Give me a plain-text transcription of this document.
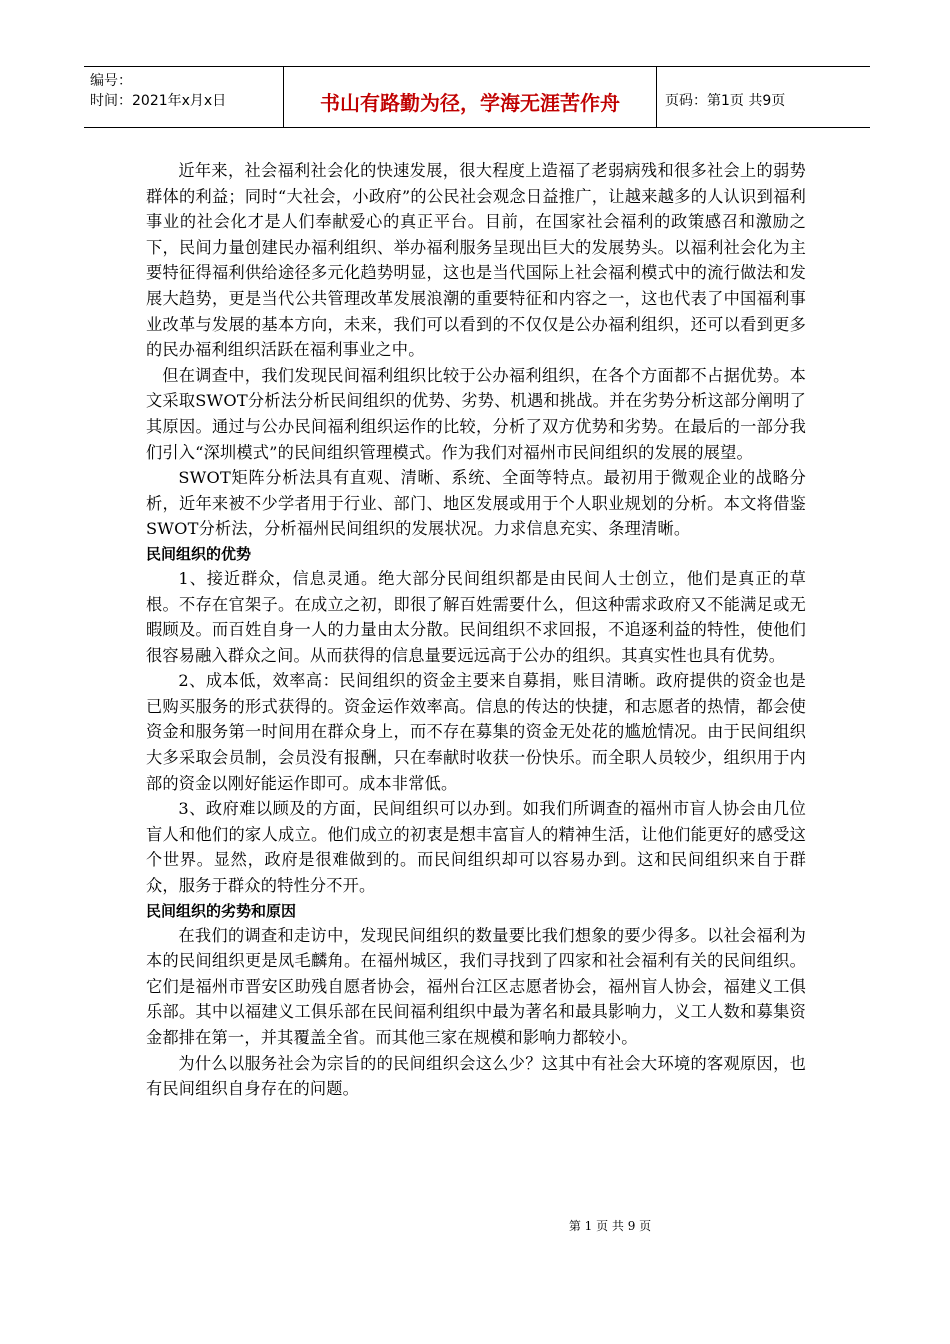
编号：
时间：2021年x月x日	书山有路勤为径，学海无涯苦作舟	页码：第1页 共9页

近年来，社会福利社会化的快速发展，很大程度上造福了老弱病残和很多社会上的弱势群体的利益；同时“大社会，小政府”的公民社会观念日益推广，让越来越多的人认识到福利事业的社会化才是人们奉献爱心的真正平台。目前，在国家社会福利的政策感召和激励之下，民间力量创建民办福利组织、举办福利服务呈现出巨大的发展势头。以福利社会化为主要特征得福利供给途径多元化趋势明显，这也是当代国际上社会福利模式中的流行做法和发展大趋势，更是当代公共管理改革发展浪潮的重要特征和内容之一，这也代表了中国福利事业改革与发展的基本方向，未来，我们可以看到的不仅仅是公办福利组织，还可以看到更多的民办福利组织活跃在福利事业之中。

但在调查中，我们发现民间福利组织比较于公办福利组织，在各个方面都不占据优势。本文采取SWOT分析法分析民间组织的优势、劣势、机遇和挑战。并在劣势分析这部分阐明了其原因。通过与公办民间福利组织运作的比较，分析了双方优势和劣势。在最后的一部分我们引入“深圳模式”的民间组织管理模式。作为我们对福州市民间组织的发展的展望。

SWOT矩阵分析法具有直观、清晰、系统、全面等特点。最初用于微观企业的战略分析，近年来被不少学者用于行业、部门、地区发展或用于个人职业规划的分析。本文将借鉴SWOT分析法，分析福州民间组织的发展状况。力求信息充实、条理清晰。

民间组织的优势

1、接近群众，信息灵通。绝大部分民间组织都是由民间人士创立，他们是真正的草根。不存在官架子。在成立之初，即很了解百姓需要什么，但这种需求政府又不能满足或无暇顾及。而百姓自身一人的力量由太分散。民间组织不求回报，不追逐利益的特性，使他们很容易融入群众之间。从而获得的信息量要远远高于公办的组织。其真实性也具有优势。

2、成本低，效率高：民间组织的资金主要来自募捐，账目清晰。政府提供的资金也是已购买服务的形式获得的。资金运作效率高。信息的传达的快捷，和志愿者的热情，都会使资金和服务第一时间用在群众身上，而不存在募集的资金无处花的尴尬情况。由于民间组织大多采取会员制，会员没有报酬，只在奉献时收获一份快乐。而全职人员较少，组织用于内部的资金以刚好能运作即可。成本非常低。

3、政府难以顾及的方面，民间组织可以办到。如我们所调查的福州市盲人协会由几位盲人和他们的家人成立。他们成立的初衷是想丰富盲人的精神生活，让他们能更好的感受这个世界。显然，政府是很难做到的。而民间组织却可以容易办到。这和民间组织来自于群众，服务于群众的特性分不开。

民间组织的劣势和原因

在我们的调查和走访中，发现民间组织的数量要比我们想象的要少得多。以社会福利为本的民间组织更是凤毛麟角。在福州城区，我们寻找到了四家和社会福利有关的民间组织。它们是福州市晋安区助残自愿者协会，福州台江区志愿者协会，福州盲人协会，福建义工俱乐部。其中以福建义工俱乐部在民间福利组织中最为著名和最具影响力，义工人数和募集资金都排在第一，并其覆盖全省。而其他三家在规模和影响力都较小。

为什么以服务社会为宗旨的的民间组织会这么少？这其中有社会大环境的客观原因，也有民间组织自身存在的问题。

第 1 页 共 9 页
